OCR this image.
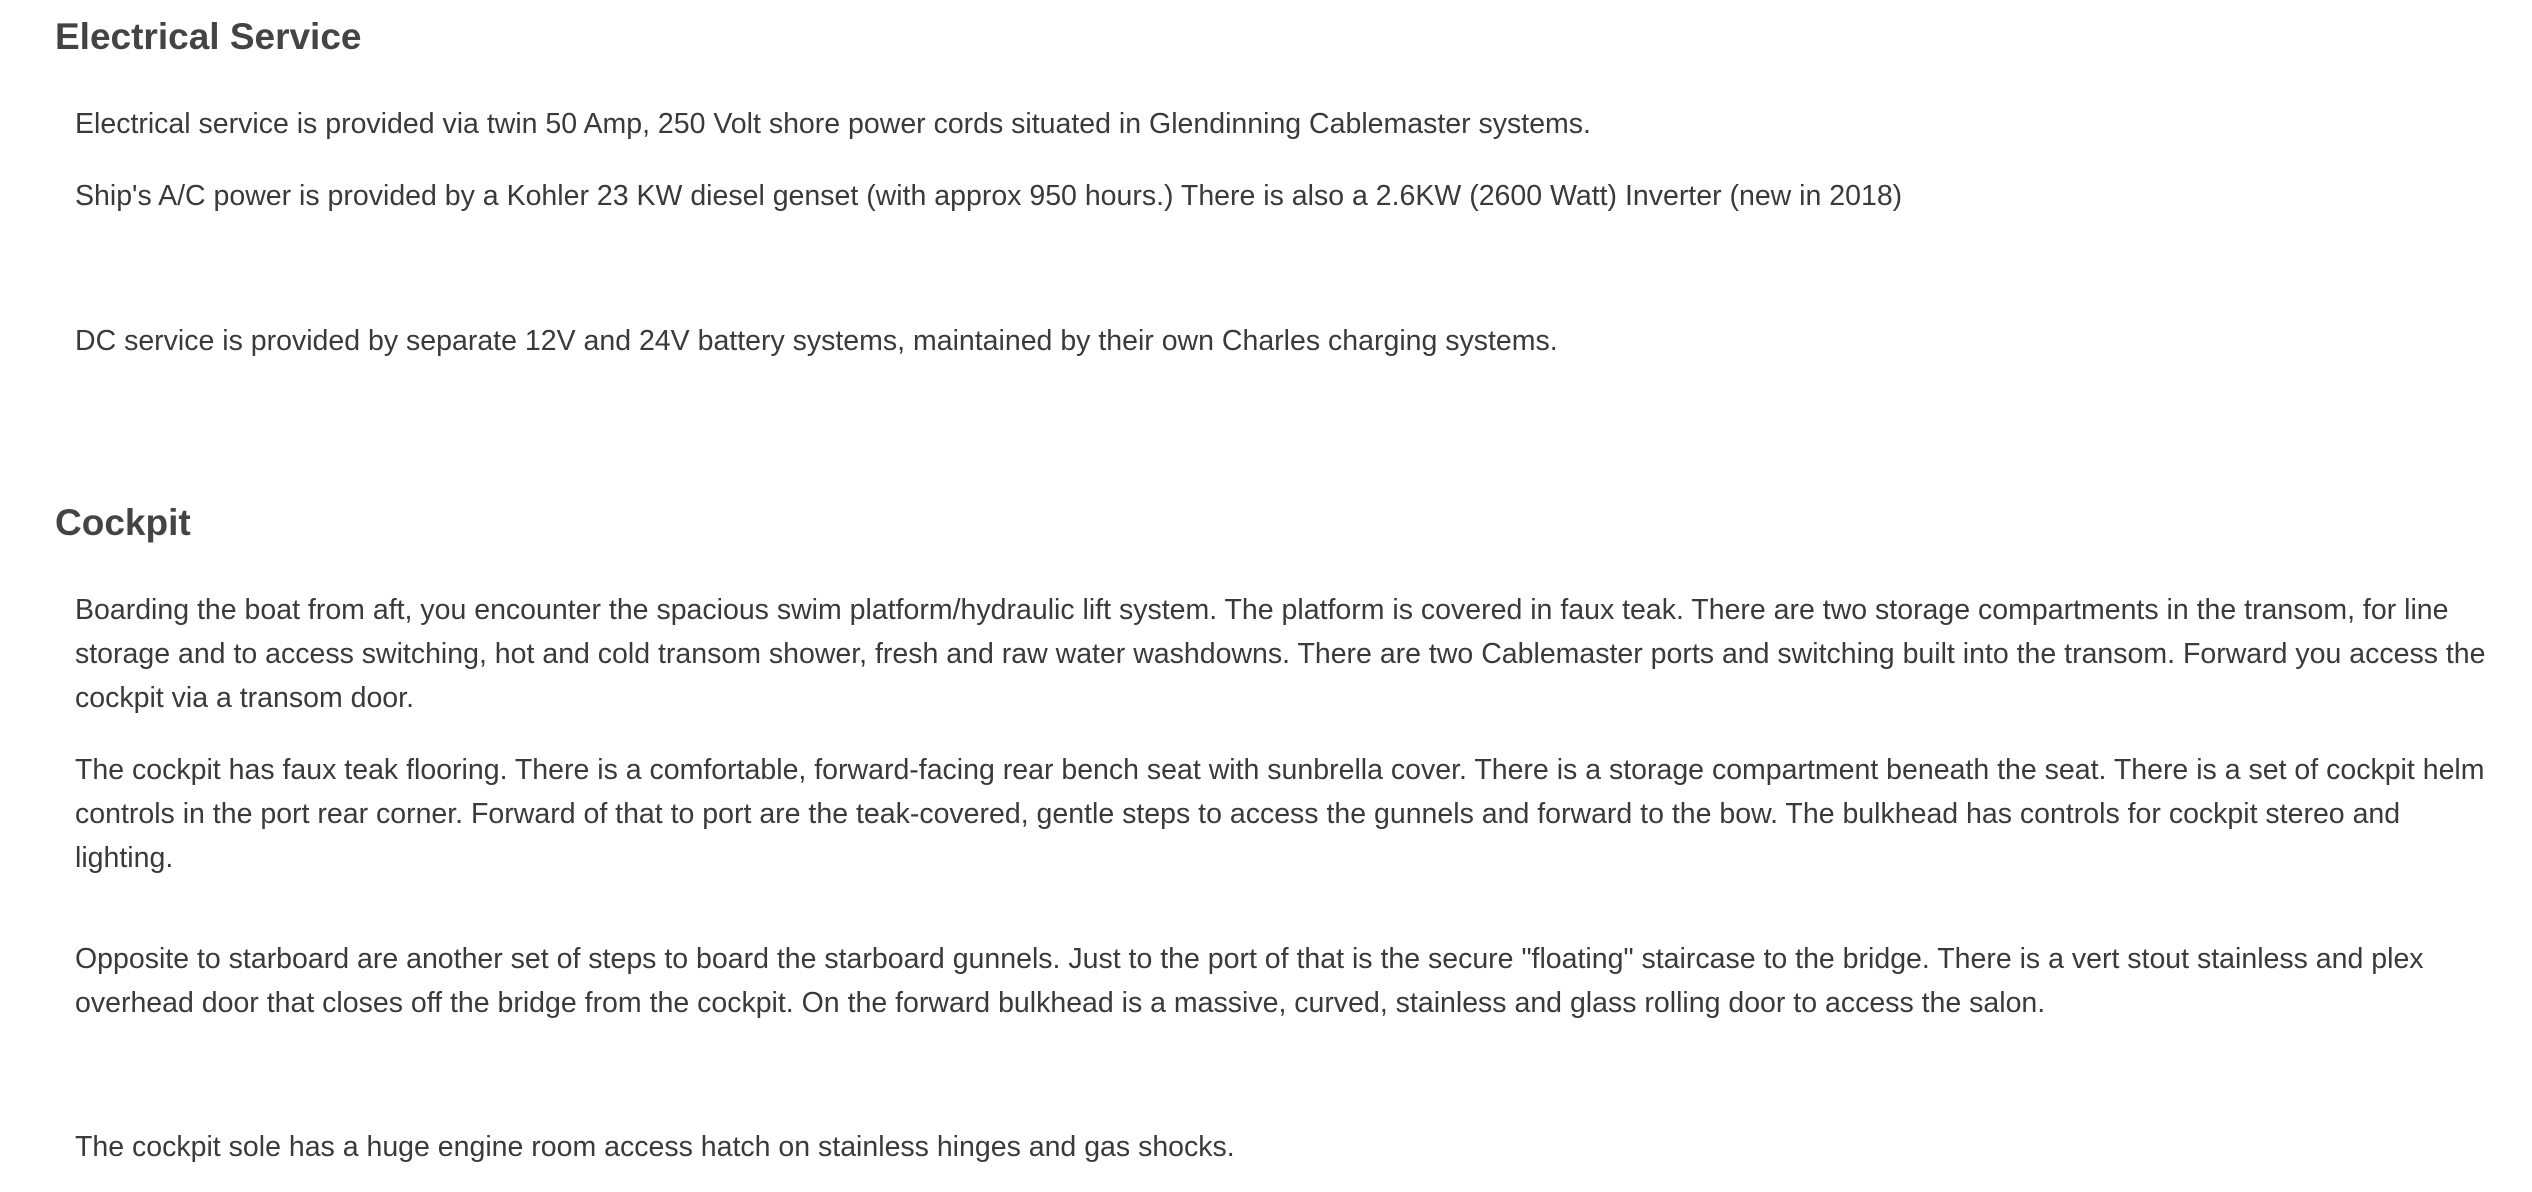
Electrical Service

Electrical service is provided via twin 50 Amp, 250 Volt shore power cords situated in Glendinning Cablemaster systems.

Ship's A/C power is provided by a Kohler 23 KW diesel genset (with approx 950 hours.) There is also a 2.6KW (2600 Watt) Inverter (new in 2018)

DC service is provided by separate 12V and 24V battery systems, maintained by their own Charles charging systems.

Cockpit

Boarding the boat from aft, you encounter the spacious swim platform/hydraulic lift system. The platform is covered in faux teak. There are two storage compartments in the transom, for line storage and to access switching, hot and cold transom shower, fresh and raw water washdowns. There are two Cablemaster ports and switching built into the transom. Forward you access the cockpit via a transom door.

The cockpit has faux teak flooring. There is a comfortable, forward-facing rear bench seat with sunbrella cover. There is a storage compartment beneath the seat. There is a set of cockpit helm controls in the port rear corner. Forward of that to port are the teak-covered, gentle steps to access the gunnels and forward to the bow. The bulkhead has controls for cockpit stereo and lighting.

Opposite to starboard are another set of steps to board the starboard gunnels. Just to the port of that is the secure "floating" staircase to the bridge. There is a vert stout stainless and plex overhead door that closes off the bridge from the cockpit. On the forward bulkhead is a massive, curved, stainless and glass rolling door to access the salon.

The cockpit sole has a huge engine room access hatch on stainless hinges and gas shocks.
